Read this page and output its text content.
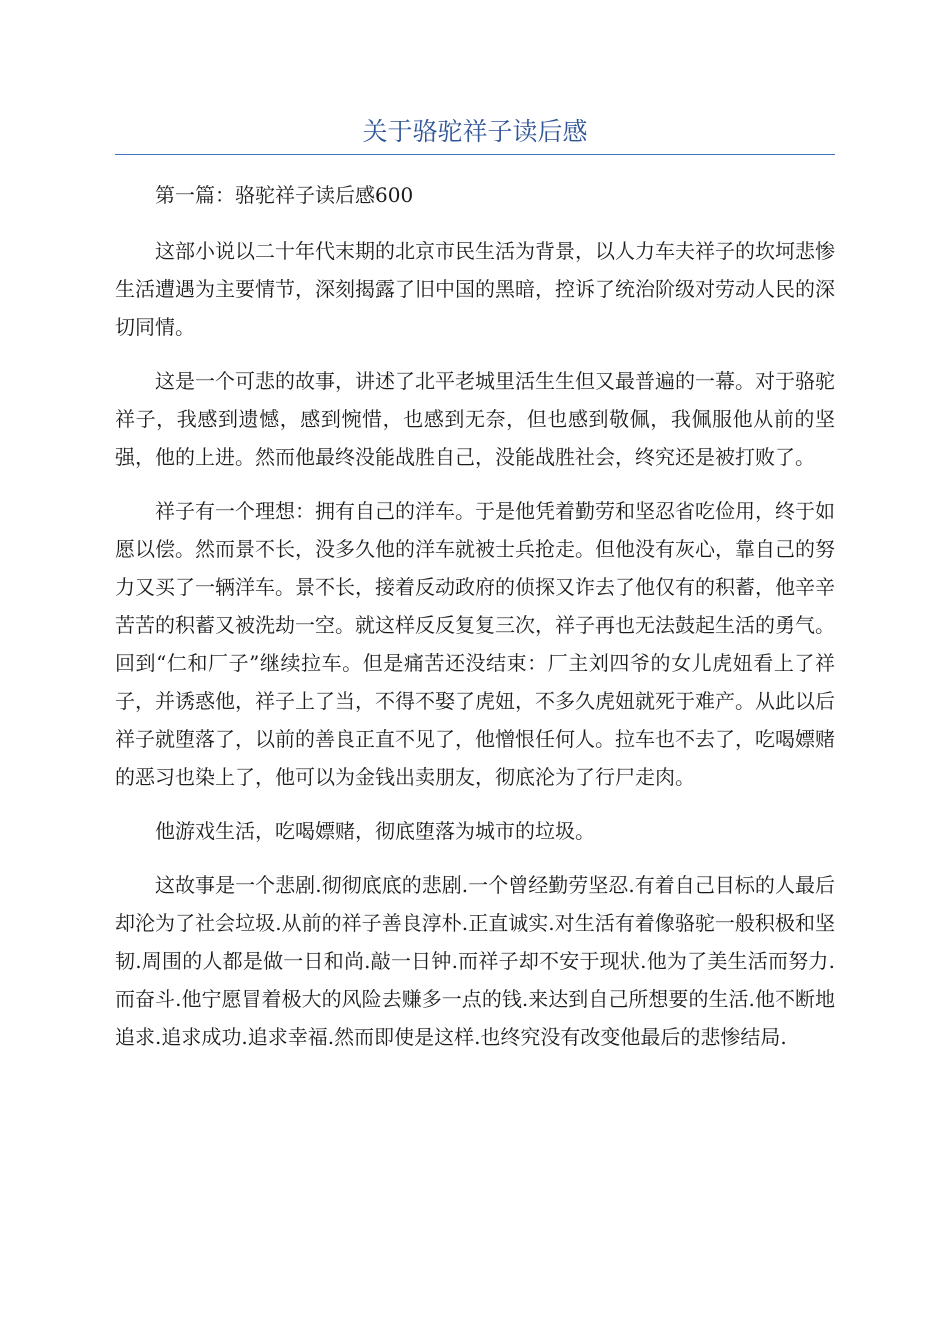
关于骆驼祥子读后感

第一篇：骆驼祥子读后感600

这部小说以二十年代末期的北京市民生活为背景，以人力车夫祥子的坎坷悲惨生活遭遇为主要情节，深刻揭露了旧中国的黑暗，控诉了统治阶级对劳动人民的深切同情。

这是一个可悲的故事，讲述了北平老城里活生生但又最普遍的一幕。对于骆驼祥子，我感到遗憾，感到惋惜，也感到无奈，但也感到敬佩，我佩服他从前的坚强，他的上进。然而他最终没能战胜自己，没能战胜社会，终究还是被打败了。

祥子有一个理想：拥有自己的洋车。于是他凭着勤劳和坚忍省吃俭用，终于如愿以偿。然而景不长，没多久他的洋车就被士兵抢走。但他没有灰心，靠自己的努力又买了一辆洋车。景不长，接着反动政府的侦探又诈去了他仅有的积蓄，他辛辛苦苦的积蓄又被洗劫一空。就这样反反复复三次，祥子再也无法鼓起生活的勇气。回到“仁和厂子”继续拉车。但是痛苦还没结束：厂主刘四爷的女儿虎妞看上了祥子，并诱惑他，祥子上了当，不得不娶了虎妞，不多久虎妞就死于难产。从此以后祥子就堕落了，以前的善良正直不见了，他憎恨任何人。拉车也不去了，吃喝嫖赌的恶习也染上了，他可以为金钱出卖朋友，彻底沦为了行尸走肉。

他游戏生活，吃喝嫖赌，彻底堕落为城市的垃圾。

这故事是一个悲剧.彻彻底底的悲剧.一个曾经勤劳坚忍.有着自己目标的人最后却沦为了社会垃圾.从前的祥子善良淳朴.正直诚实.对生活有着像骆驼一般积极和坚韧.周围的人都是做一日和尚.敲一日钟.而祥子却不安于现状.他为了美生活而努力.而奋斗.他宁愿冒着极大的风险去赚多一点的钱.来达到自己所想要的生活.他不断地追求.追求成功.追求幸福.然而即使是这样.也终究没有改变他最后的悲惨结局.
